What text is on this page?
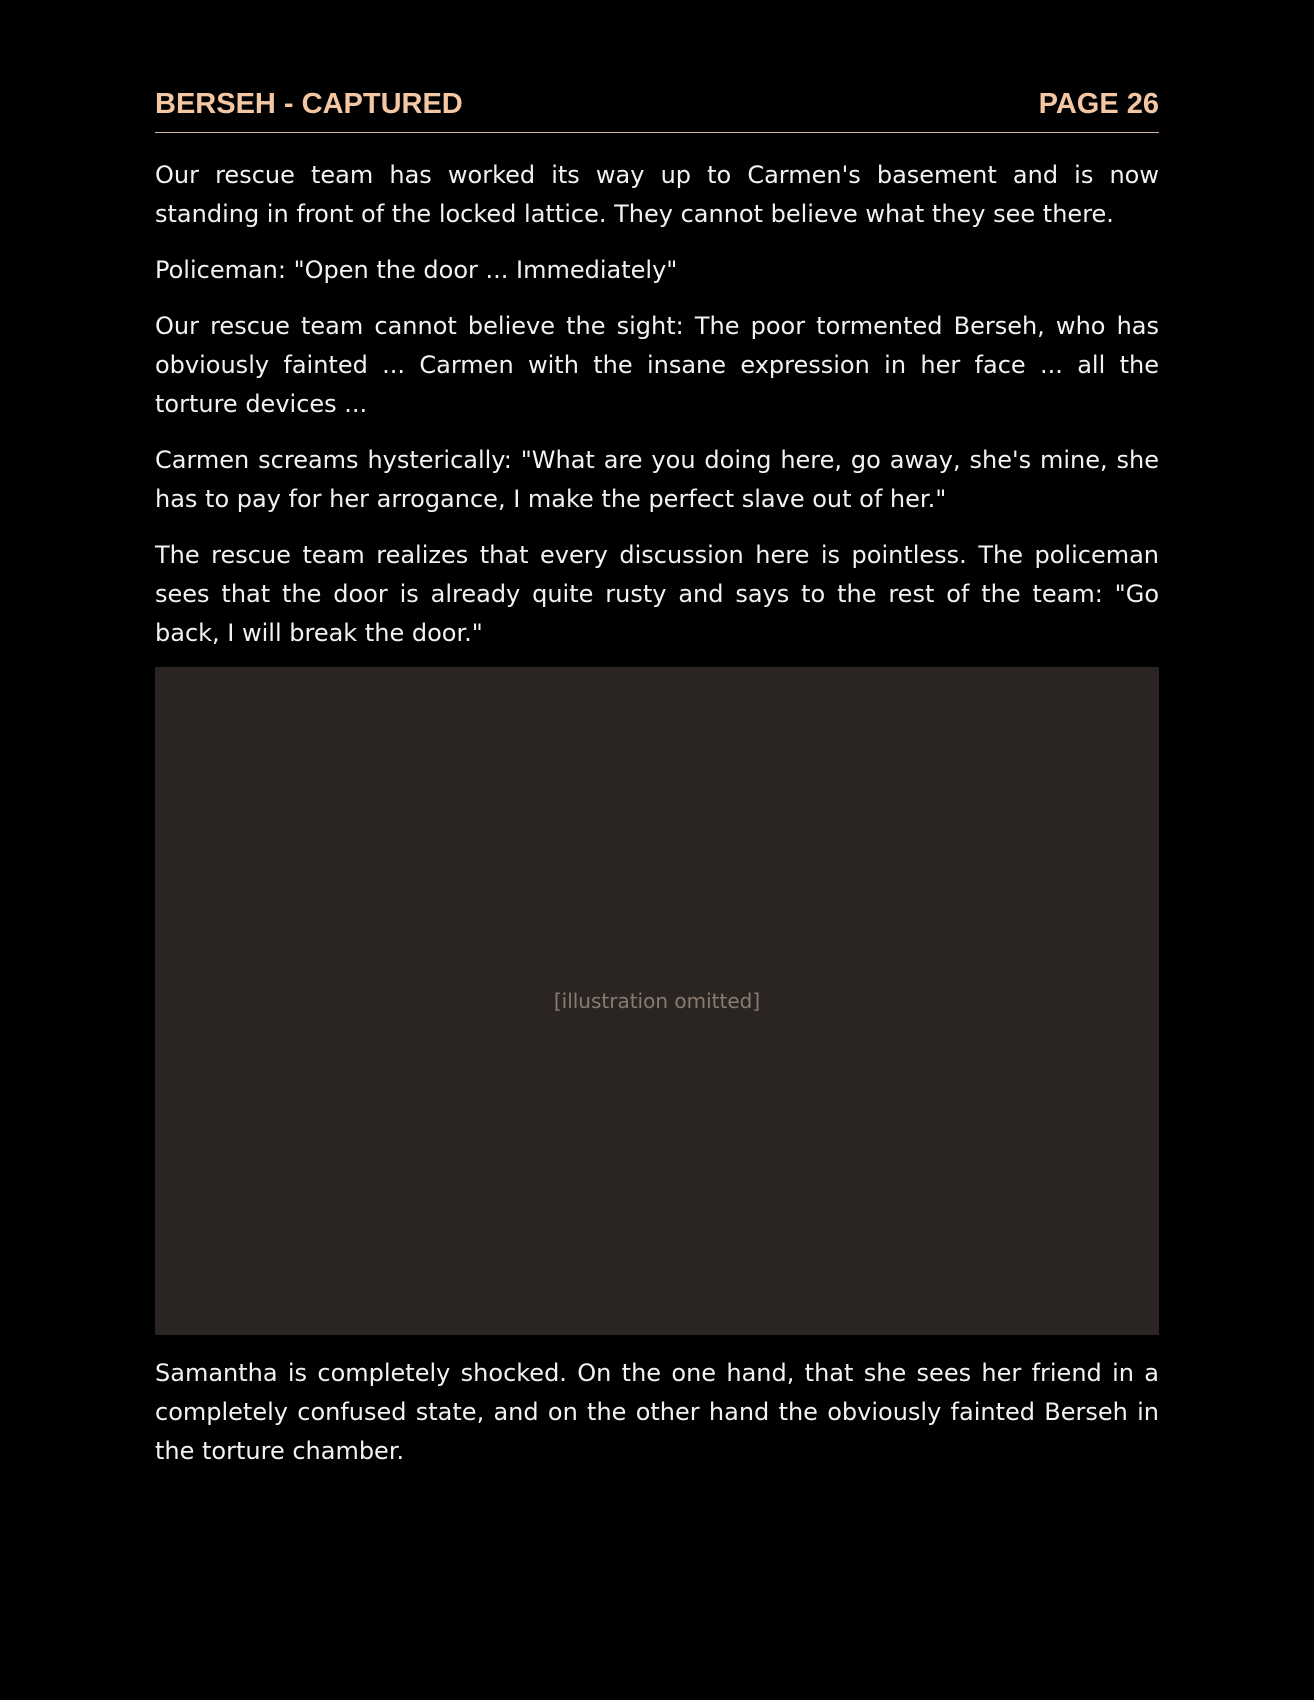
BERSEH - CAPTURED	PAGE 26

Our rescue team has worked its way up to Carmen's basement and is now standing in front of the locked lattice. They cannot believe what they see there.

Policeman: "Open the door ... Immediately"

Our rescue team cannot believe the sight: The poor tormented Berseh, who has obviously fainted ... Carmen with the insane expression in her face ... all the torture devices ...

Carmen screams hysterically: "What are you doing here, go away, she's mine, she has to pay for her arrogance, I make the perfect slave out of her."

The rescue team realizes that every discussion here is pointless. The policeman sees that the door is already quite rusty and says to the rest of the team: "Go back, I will break the door."

[illustration omitted]

Samantha is completely shocked. On the one hand, that she sees her friend in a completely confused state, and on the other hand the obviously fainted Berseh in the torture chamber.
